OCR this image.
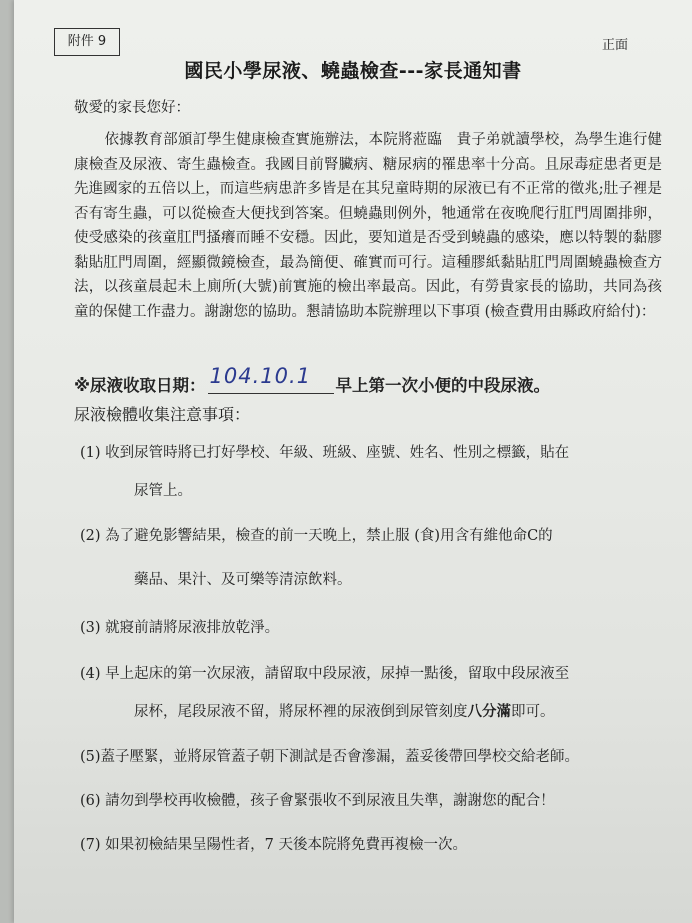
附件 9	正面
國民小學尿液、蟯蟲檢查---家長通知書
敬愛的家長您好：

依據教育部頒訂學生健康檢查實施辦法，本院將蒞臨　貴子弟就讀學校，為學生進行健康檢查及尿液、寄生蟲檢查。我國目前腎臟病、糖尿病的罹患率十分高。且尿毒症患者更是先進國家的五倍以上，而這些病患許多皆是在其兒童時期的尿液已有不正常的徵兆;肚子裡是否有寄生蟲，可以從檢查大便找到答案。但蟯蟲則例外，牠通常在夜晚爬行肛門周圍排卵，使受感染的孩童肛門搔癢而睡不安穩。因此，要知道是否受到蟯蟲的感染，應以特製的黏膠黏貼肛門周圍，經顯微鏡檢查，最為簡便、確實而可行。這種膠紙黏貼肛門周圍蟯蟲檢查方法，以孩童晨起未上廁所(大號)前實施的檢出率最高。因此，有勞貴家長的協助，共同為孩童的保健工作盡力。謝謝您的協助。懇請協助本院辦理以下事項 (檢查費用由縣政府給付)：

※尿液收取日期： 104.10.1 早上第一次小便的中段尿液。
尿液檢體收集注意事項：
(1) 收到尿管時將已打好學校、年級、班級、座號、姓名、性別之標籤，貼在
尿管上。
(2) 為了避免影響結果，檢查的前一天晚上，禁止服 (食)用含有維他命C的
藥品、果汁、及可樂等清涼飲料。
(3) 就寢前請將尿液排放乾淨。
(4) 早上起床的第一次尿液，請留取中段尿液，尿掉一點後，留取中段尿液至
尿杯，尾段尿液不留，將尿杯裡的尿液倒到尿管刻度八分滿即可。
(5)蓋子壓緊，並將尿管蓋子朝下測試是否會滲漏，蓋妥後帶回學校交給老師。
(6) 請勿到學校再收檢體，孩子會緊張收不到尿液且失準，謝謝您的配合！
(7) 如果初檢結果呈陽性者，7 天後本院將免費再複檢一次。
